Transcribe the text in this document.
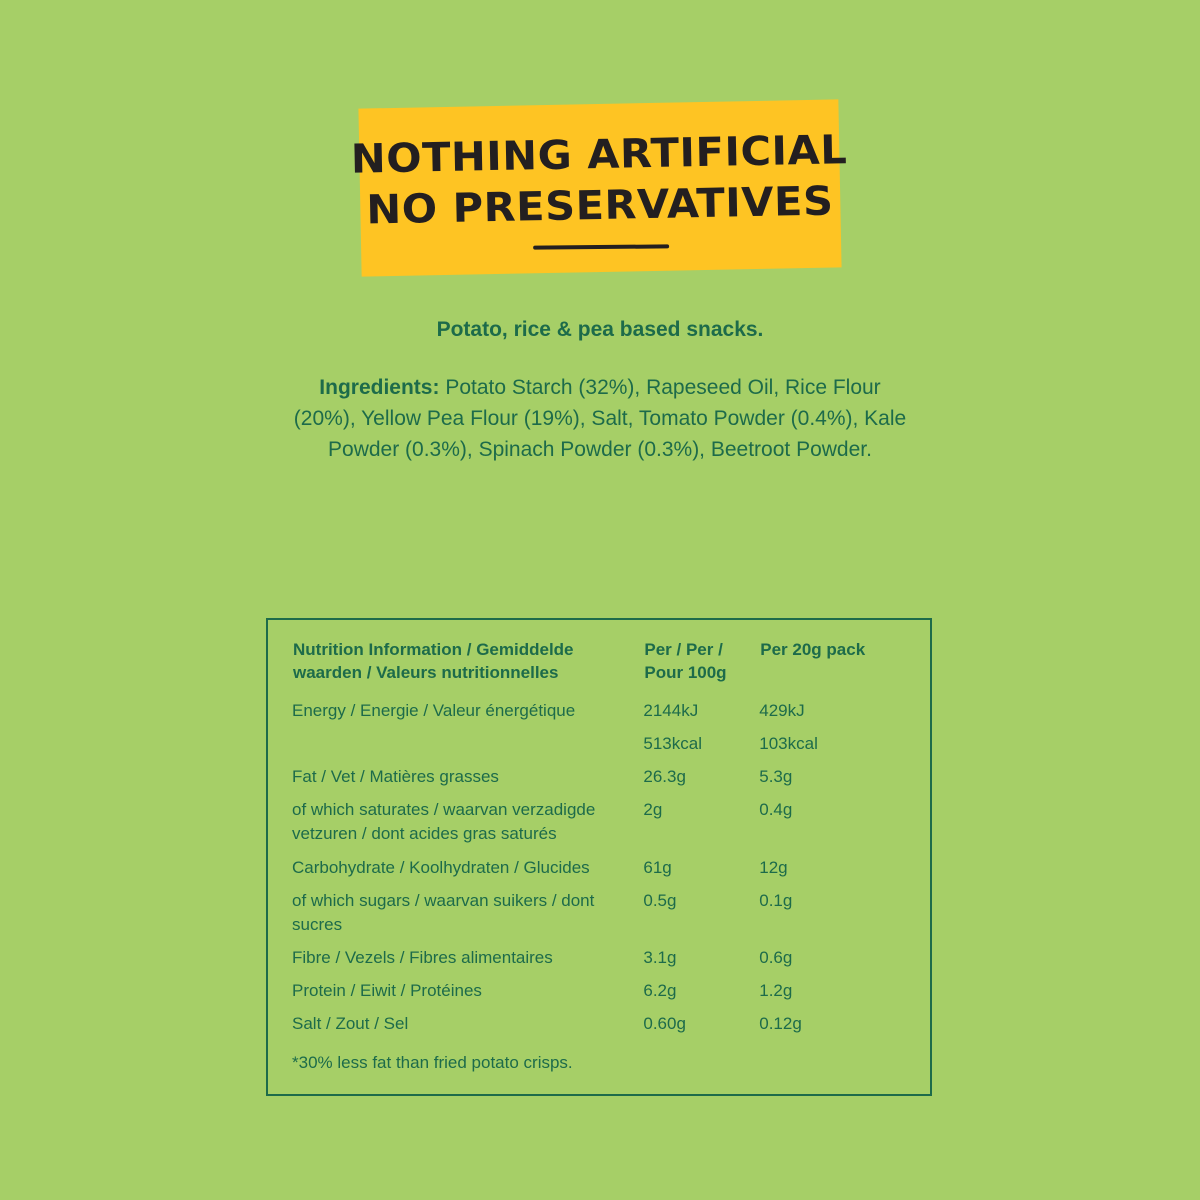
NOTHING ARTIFICIAL
NO PRESERVATIVES
Potato, rice & pea based snacks.
Ingredients: Potato Starch (32%), Rapeseed Oil, Rice Flour (20%), Yellow Pea Flour (19%), Salt, Tomato Powder (0.4%), Kale Powder (0.3%), Spinach Powder (0.3%), Beetroot Powder.
Nutrition Information / Gemiddelde waarden / Valeurs nutritionnelles	Per / Per / Pour 100g	Per 20g pack
Energy / Energie / Valeur énergétique	2144kJ	429kJ
	513kcal	103kcal
Fat / Vet / Matières grasses	26.3g	5.3g
of which saturates / waarvan verzadigde vetzuren / dont acides gras saturés	2g	0.4g
Carbohydrate / Koolhydraten / Glucides	61g	12g
of which sugars / waarvan suikers / dont sucres	0.5g	0.1g
Fibre / Vezels / Fibres alimentaires	3.1g	0.6g
Protein / Eiwit / Protéines	6.2g	1.2g
Salt / Zout / Sel	0.60g	0.12g
*30% less fat than fried potato crisps.
